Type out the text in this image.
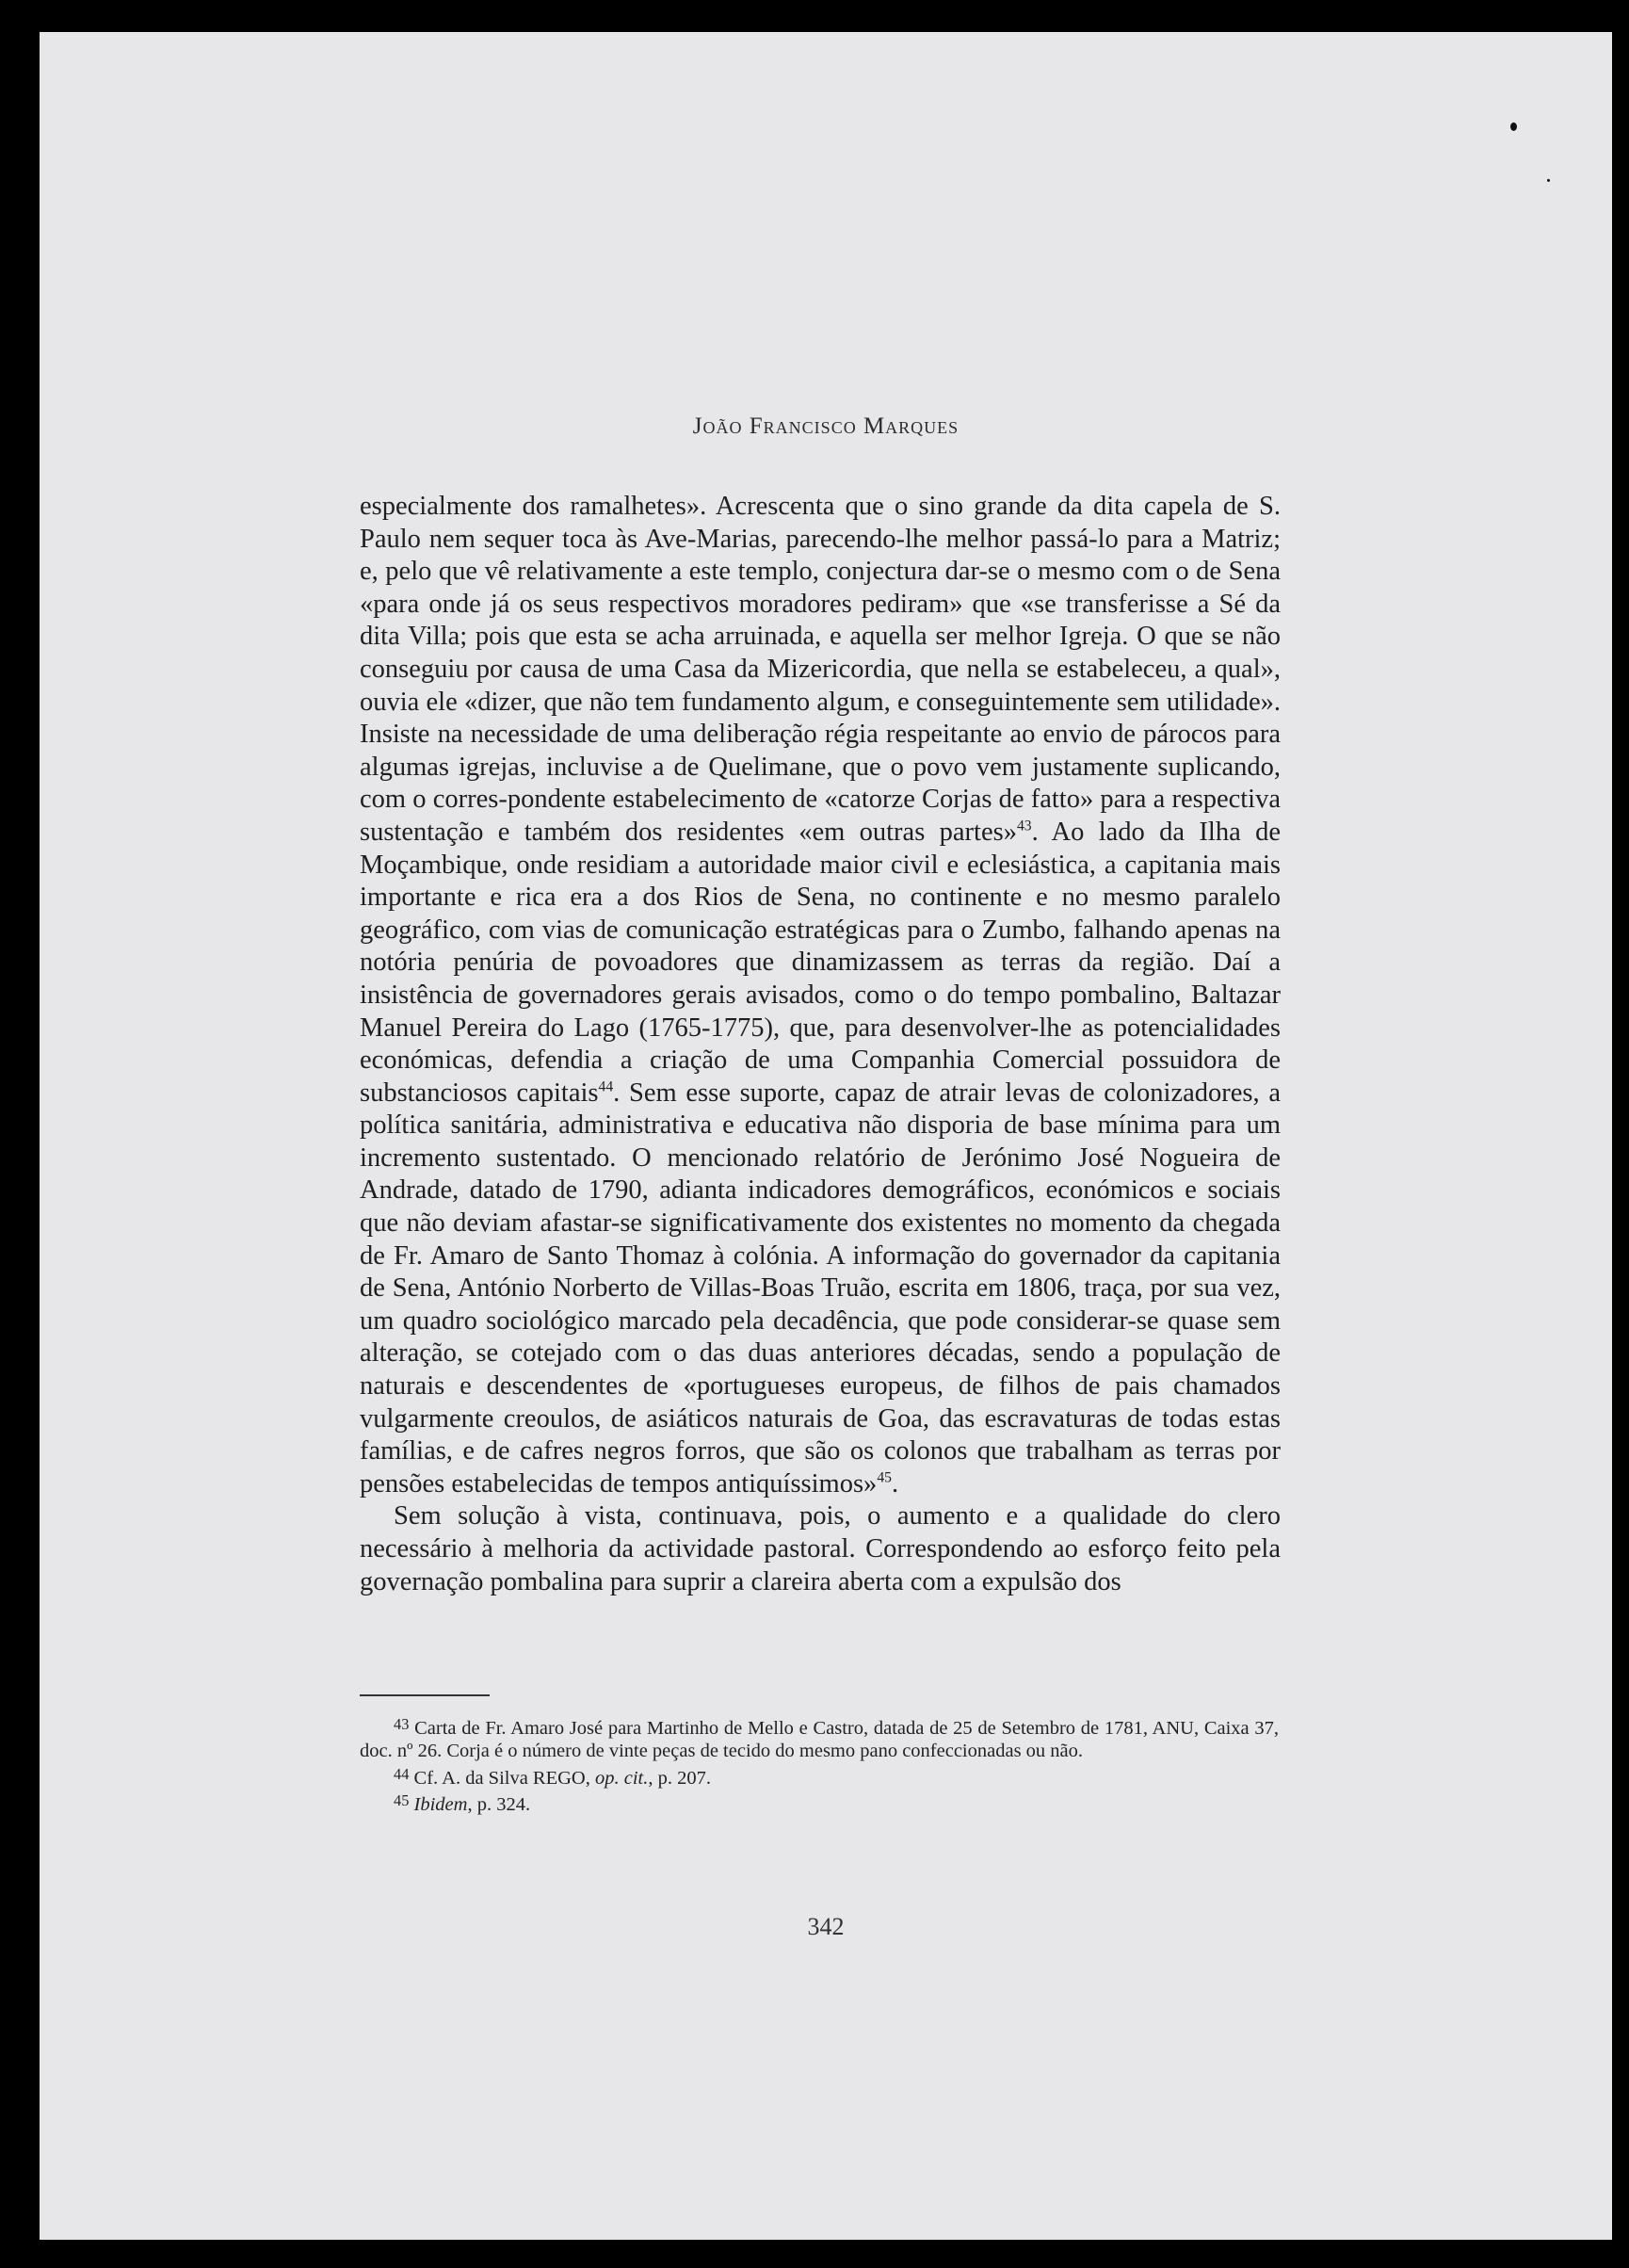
João Francisco Marques

especialmente dos ramalhetes». Acrescenta que o sino grande da dita capela de S. Paulo nem sequer toca às Ave-Marias, parecendo-lhe melhor passá-lo para a Matriz; e, pelo que vê relativamente a este templo, conjectura dar-se o mesmo com o de Sena «para onde já os seus respectivos moradores pediram» que «se transferisse a Sé da dita Villa; pois que esta se acha arruinada, e aquella ser melhor Igreja. O que se não conseguiu por causa de uma Casa da Mizericordia, que nella se estabeleceu, a qual», ouvia ele «dizer, que não tem fundamento algum, e conseguintemente sem utilidade». Insiste na necessidade de uma deliberação régia respeitante ao envio de párocos para algumas igrejas, incluvise a de Quelimane, que o povo vem justamente suplicando, com o corres-pondente estabelecimento de «catorze Corjas de fatto» para a respectiva sustentação e também dos residentes «em outras partes»$^{43}$. Ao lado da Ilha de Moçambique, onde residiam a autoridade maior civil e eclesiástica, a capitania mais importante e rica era a dos Rios de Sena, no continente e no mesmo paralelo geográfico, com vias de comunicação estratégicas para o Zumbo, falhando apenas na notória penúria de povoadores que dinamizassem as terras da região. Daí a insistência de governadores gerais avisados, como o do tempo pombalino, Baltazar Manuel Pereira do Lago (1765-1775), que, para desenvolver-lhe as potencialidades económicas, defendia a criação de uma Companhia Comercial possuidora de substanciosos capitais$^{44}$. Sem esse suporte, capaz de atrair levas de colonizadores, a política sanitária, administrativa e educativa não disporia de base mínima para um incremento sustentado. O mencionado relatório de Jerónimo José Nogueira de Andrade, datado de 1790, adianta indicadores demográficos, económicos e sociais que não deviam afastar-se significativamente dos existentes no momento da chegada de Fr. Amaro de Santo Thomaz à colónia. A informação do governador da capitania de Sena, António Norberto de Villas-Boas Truão, escrita em 1806, traça, por sua vez, um quadro sociológico marcado pela decadência, que pode considerar-se quase sem alteração, se cotejado com o das duas anteriores décadas, sendo a população de naturais e descendentes de «portugueses europeus, de filhos de pais chamados vulgarmente creoulos, de asiáticos naturais de Goa, das escravaturas de todas estas famílias, e de cafres negros forros, que são os colonos que trabalham as terras por pensões estabelecidas de tempos antiquíssimos»$^{45}$.

Sem solução à vista, continuava, pois, o aumento e a qualidade do clero necessário à melhoria da actividade pastoral. Correspondendo ao esforço feito pela governação pombalina para suprir a clareira aberta com a expulsão dos

$^{43}$ Carta de Fr. Amaro José para Martinho de Mello e Castro, datada de 25 de Setembro de 1781, ANU, Caixa 37, doc. nº 26. Corja é o número de vinte peças de tecido do mesmo pano confeccionadas ou não.

$^{44}$ Cf. A. da Silva REGO, op. cit., p. 207.

$^{45}$ Ibidem, p. 324.

342
